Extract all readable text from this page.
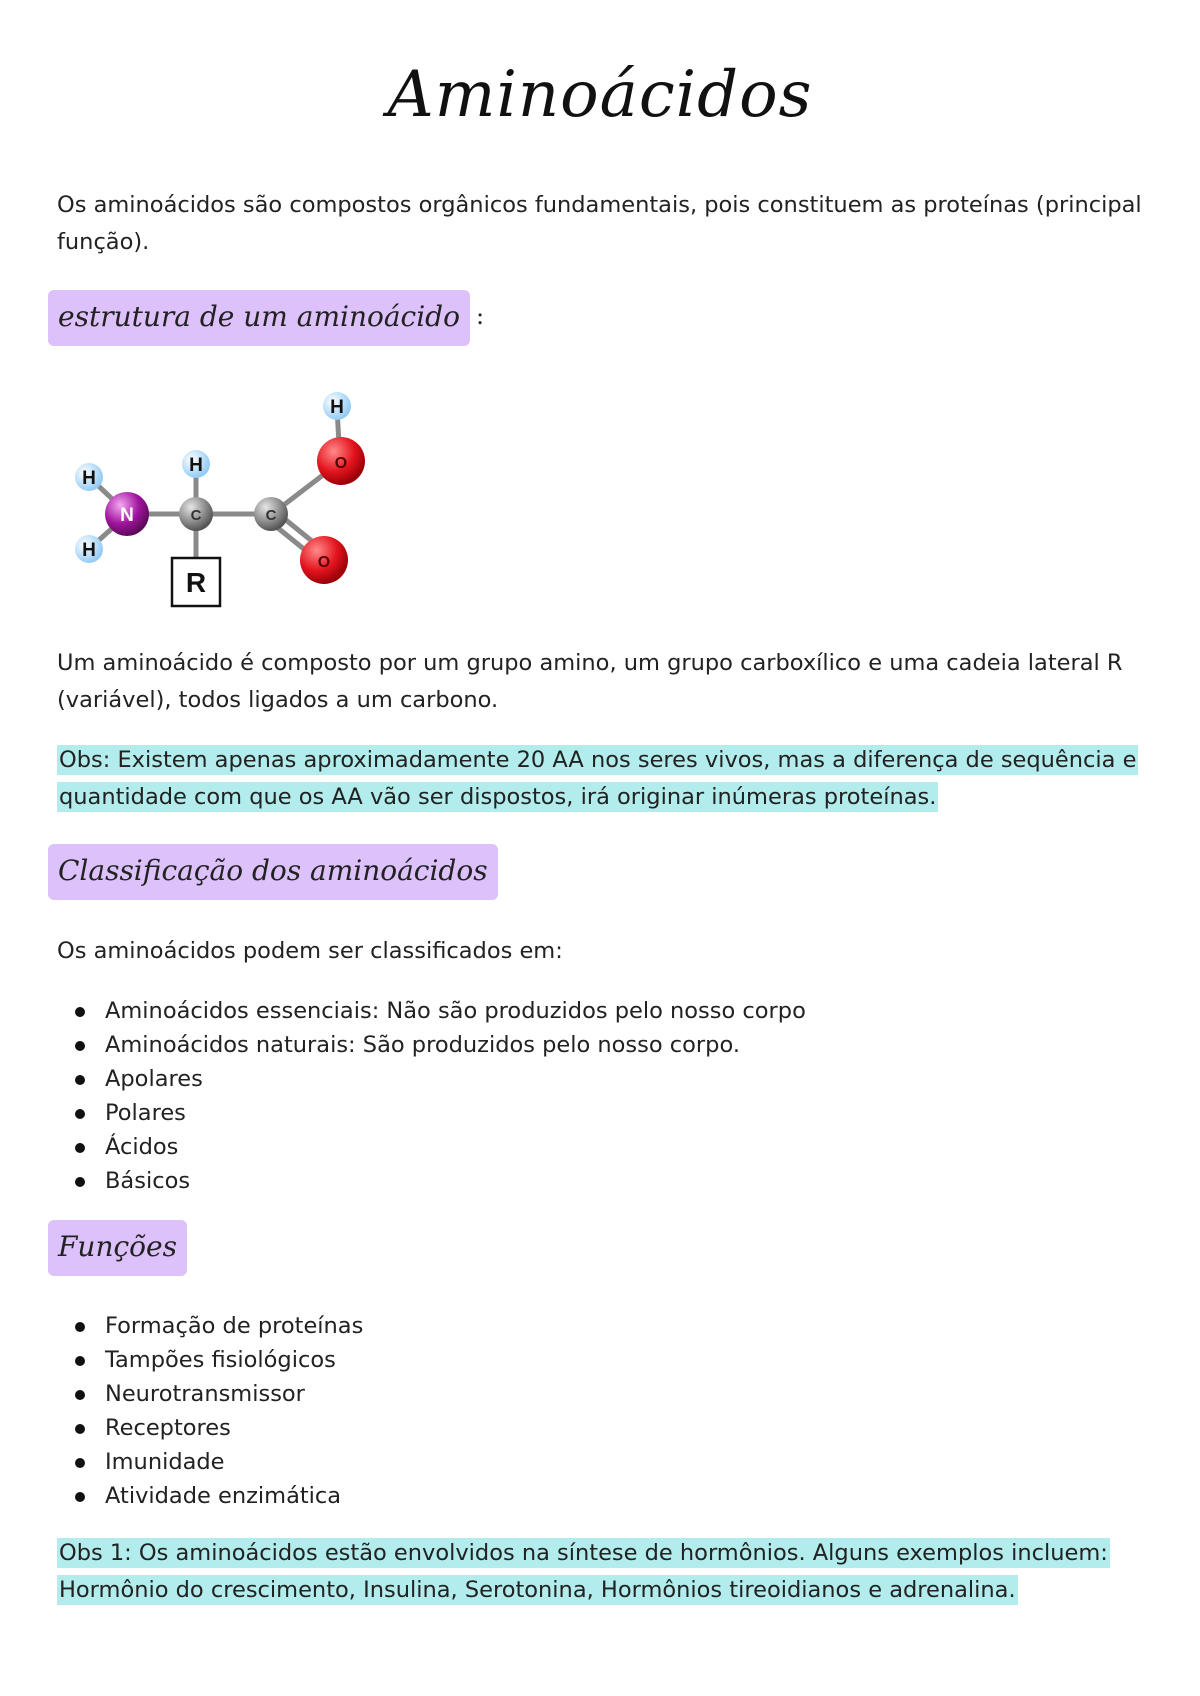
Aminoácidos

Os aminoácidos são compostos orgânicos fundamentais, pois constituem as proteínas (principal função).

estrutura de um aminoácido :
H
O
H
H
N	C	C
H
O
R

Um aminoácido é composto por um grupo amino, um grupo carboxílico e uma cadeia lateral R (variável), todos ligados a um carbono.

Obs: Existem apenas aproximadamente 20 AA nos seres vivos, mas a diferença de sequência e quantidade com que os AA vão ser dispostos, irá originar inúmeras proteínas.

Classificação dos aminoácidos

Os aminoácidos podem ser classificados em:

Aminoácidos essenciais: Não são produzidos pelo nosso corpo
Aminoácidos naturais: São produzidos pelo nosso corpo.
Apolares
Polares
Ácidos
Básicos
Funções
Formação de proteínas
Tampões fisiológicos
Neurotransmissor
Receptores
Imunidade
Atividade enzimática

Obs 1: Os aminoácidos estão envolvidos na síntese de hormônios. Alguns exemplos incluem: Hormônio do crescimento, Insulina, Serotonina, Hormônios tireoidianos e adrenalina.
